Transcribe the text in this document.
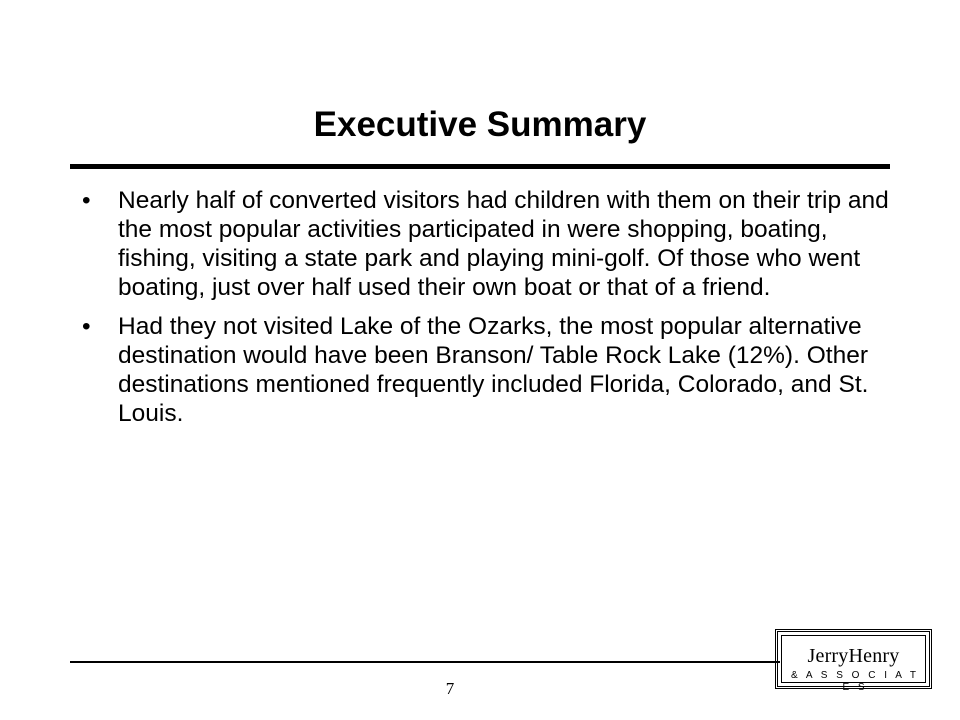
Executive Summary
• Nearly half of converted visitors had children with them on their trip and the most popular activities participated in were shopping, boating, fishing, visiting a state park and playing mini-golf. Of those who went boating, just over half used their own boat or that of a friend.
• Had they not visited Lake of the Ozarks, the most popular alternative destination would have been Branson/ Table Rock Lake (12%). Other destinations mentioned frequently included Florida, Colorado, and St. Louis.
7
JerryHenry
& A S S O C I A T E S
